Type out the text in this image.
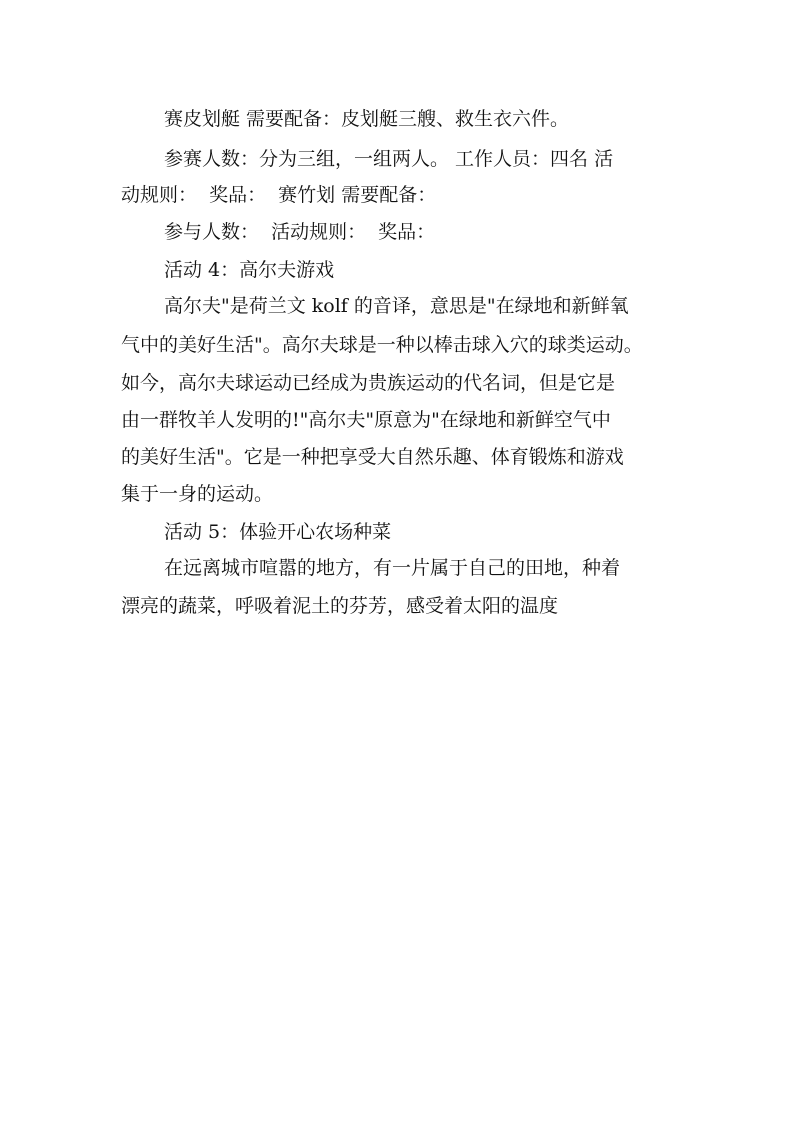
赛皮划艇 需要配备：皮划艇三艘、救生衣六件。
参赛人数：分为三组，一组两人。 工作人员：四名 活
动规则：  奖品：  赛竹划 需要配备：
参与人数：  活动规则：  奖品：
活动 4：高尔夫游戏
高尔夫"是荷兰文 kolf 的音译，意思是"在绿地和新鲜氧
气中的美好生活"。高尔夫球是一种以棒击球入穴的球类运动。
如今，高尔夫球运动已经成为贵族运动的代名词，但是它是
由一群牧羊人发明的!"高尔夫"原意为"在绿地和新鲜空气中
的美好生活"。它是一种把享受大自然乐趣、体育锻炼和游戏
集于一身的运动。
活动 5：体验开心农场种菜
在远离城市喧嚣的地方，有一片属于自己的田地，种着
漂亮的蔬菜，呼吸着泥土的芬芳，感受着太阳的温度
